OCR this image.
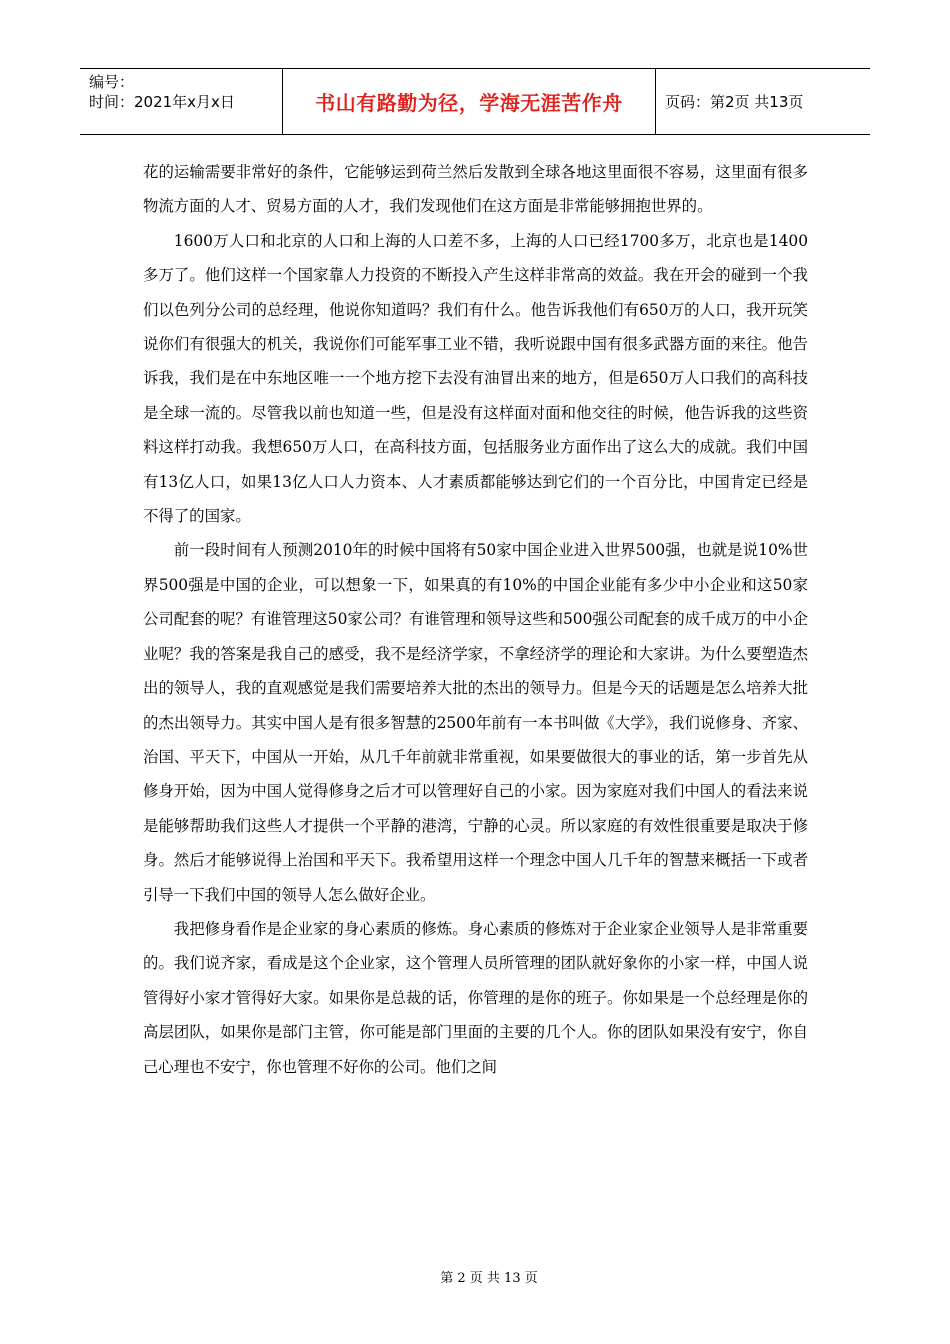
编号：
时间：2021年x月x日	书山有路勤为径，学海无涯苦作舟	页码：第2页 共13页

花的运输需要非常好的条件，它能够运到荷兰然后发散到全球各地这里面很不容易，这里面有很多物流方面的人才、贸易方面的人才，我们发现他们在这方面是非常能够拥抱世界的。

1600万人口和北京的人口和上海的人口差不多，上海的人口已经1700多万，北京也是1400多万了。他们这样一个国家靠人力投资的不断投入产生这样非常高的效益。我在开会的碰到一个我们以色列分公司的总经理，他说你知道吗？我们有什么。他告诉我他们有650万的人口，我开玩笑说你们有很强大的机关，我说你们可能军事工业不错，我听说跟中国有很多武器方面的来往。他告诉我，我们是在中东地区唯一一个地方挖下去没有油冒出来的地方，但是650万人口我们的高科技是全球一流的。尽管我以前也知道一些，但是没有这样面对面和他交往的时候，他告诉我的这些资料这样打动我。我想650万人口，在高科技方面，包括服务业方面作出了这么大的成就。我们中国有13亿人口，如果13亿人口人力资本、人才素质都能够达到它们的一个百分比，中国肯定已经是不得了的国家。

前一段时间有人预测2010年的时候中国将有50家中国企业进入世界500强，也就是说10%世界500强是中国的企业，可以想象一下，如果真的有10%的中国企业能有多少中小企业和这50家公司配套的呢？有谁管理这50家公司？有谁管理和领导这些和500强公司配套的成千成万的中小企业呢？我的答案是我自己的感受，我不是经济学家，不拿经济学的理论和大家讲。为什么要塑造杰出的领导人，我的直观感觉是我们需要培养大批的杰出的领导力。但是今天的话题是怎么培养大批的杰出领导力。其实中国人是有很多智慧的2500年前有一本书叫做《大学》，我们说修身、齐家、治国、平天下，中国从一开始，从几千年前就非常重视，如果要做很大的事业的话，第一步首先从修身开始，因为中国人觉得修身之后才可以管理好自己的小家。因为家庭对我们中国人的看法来说是能够帮助我们这些人才提供一个平静的港湾，宁静的心灵。所以家庭的有效性很重要是取决于修身。然后才能够说得上治国和平天下。我希望用这样一个理念中国人几千年的智慧来概括一下或者引导一下我们中国的领导人怎么做好企业。

我把修身看作是企业家的身心素质的修炼。身心素质的修炼对于企业家企业领导人是非常重要的。我们说齐家，看成是这个企业家，这个管理人员所管理的团队就好象你的小家一样，中国人说管得好小家才管得好大家。如果你是总裁的话，你管理的是你的班子。你如果是一个总经理是你的高层团队，如果你是部门主管，你可能是部门里面的主要的几个人。你的团队如果没有安宁，你自己心理也不安宁，你也管理不好你的公司。他们之间

第 2 页 共 13 页
